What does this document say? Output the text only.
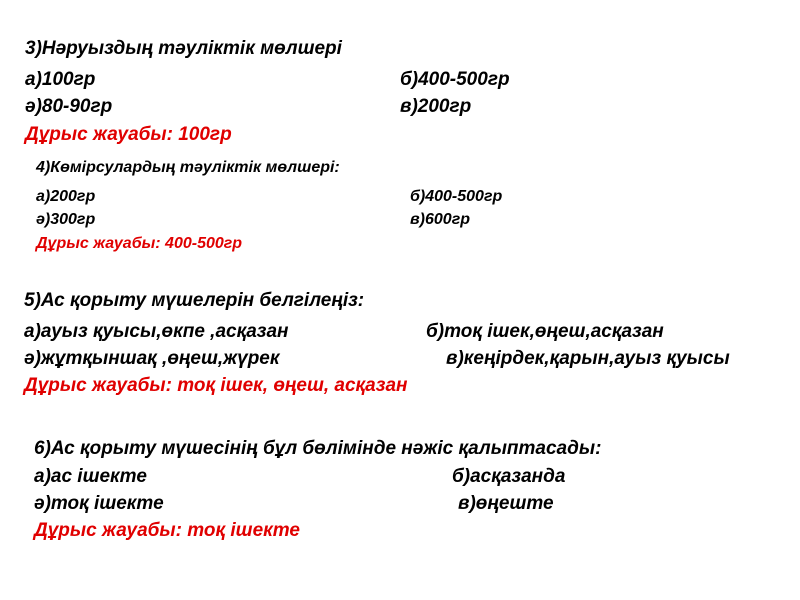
3)Нәруыздың тәуліктік мөлшері
а)100гр	б)400-500гр
ә)80-90гр	в)200гр
Дұрыс жауабы: 100гр
4)Көмірсулардың тәуліктік мөлшері:
а)200гр	б)400-500гр
ә)300гр	в)600гр
Дұрыс жауабы: 400-500гр
5)Ас қорыту мүшелерін белгілеңіз:
а)ауыз қуысы,өкпе ,асқазан	б)тоқ ішек,өңеш,асқазан
ә)жұтқыншақ ,өңеш,жүрек	в)кеңірдек,қарын,ауыз қуысы
Дұрыс жауабы: тоқ ішек, өңеш, асқазан
6)Ас қорыту мүшесінің бұл бөлімінде нәжіс қалыптасады:
а)ас ішекте	б)асқазанда
ә)тоқ ішекте	в)өңеште
Дұрыс жауабы: тоқ ішекте
